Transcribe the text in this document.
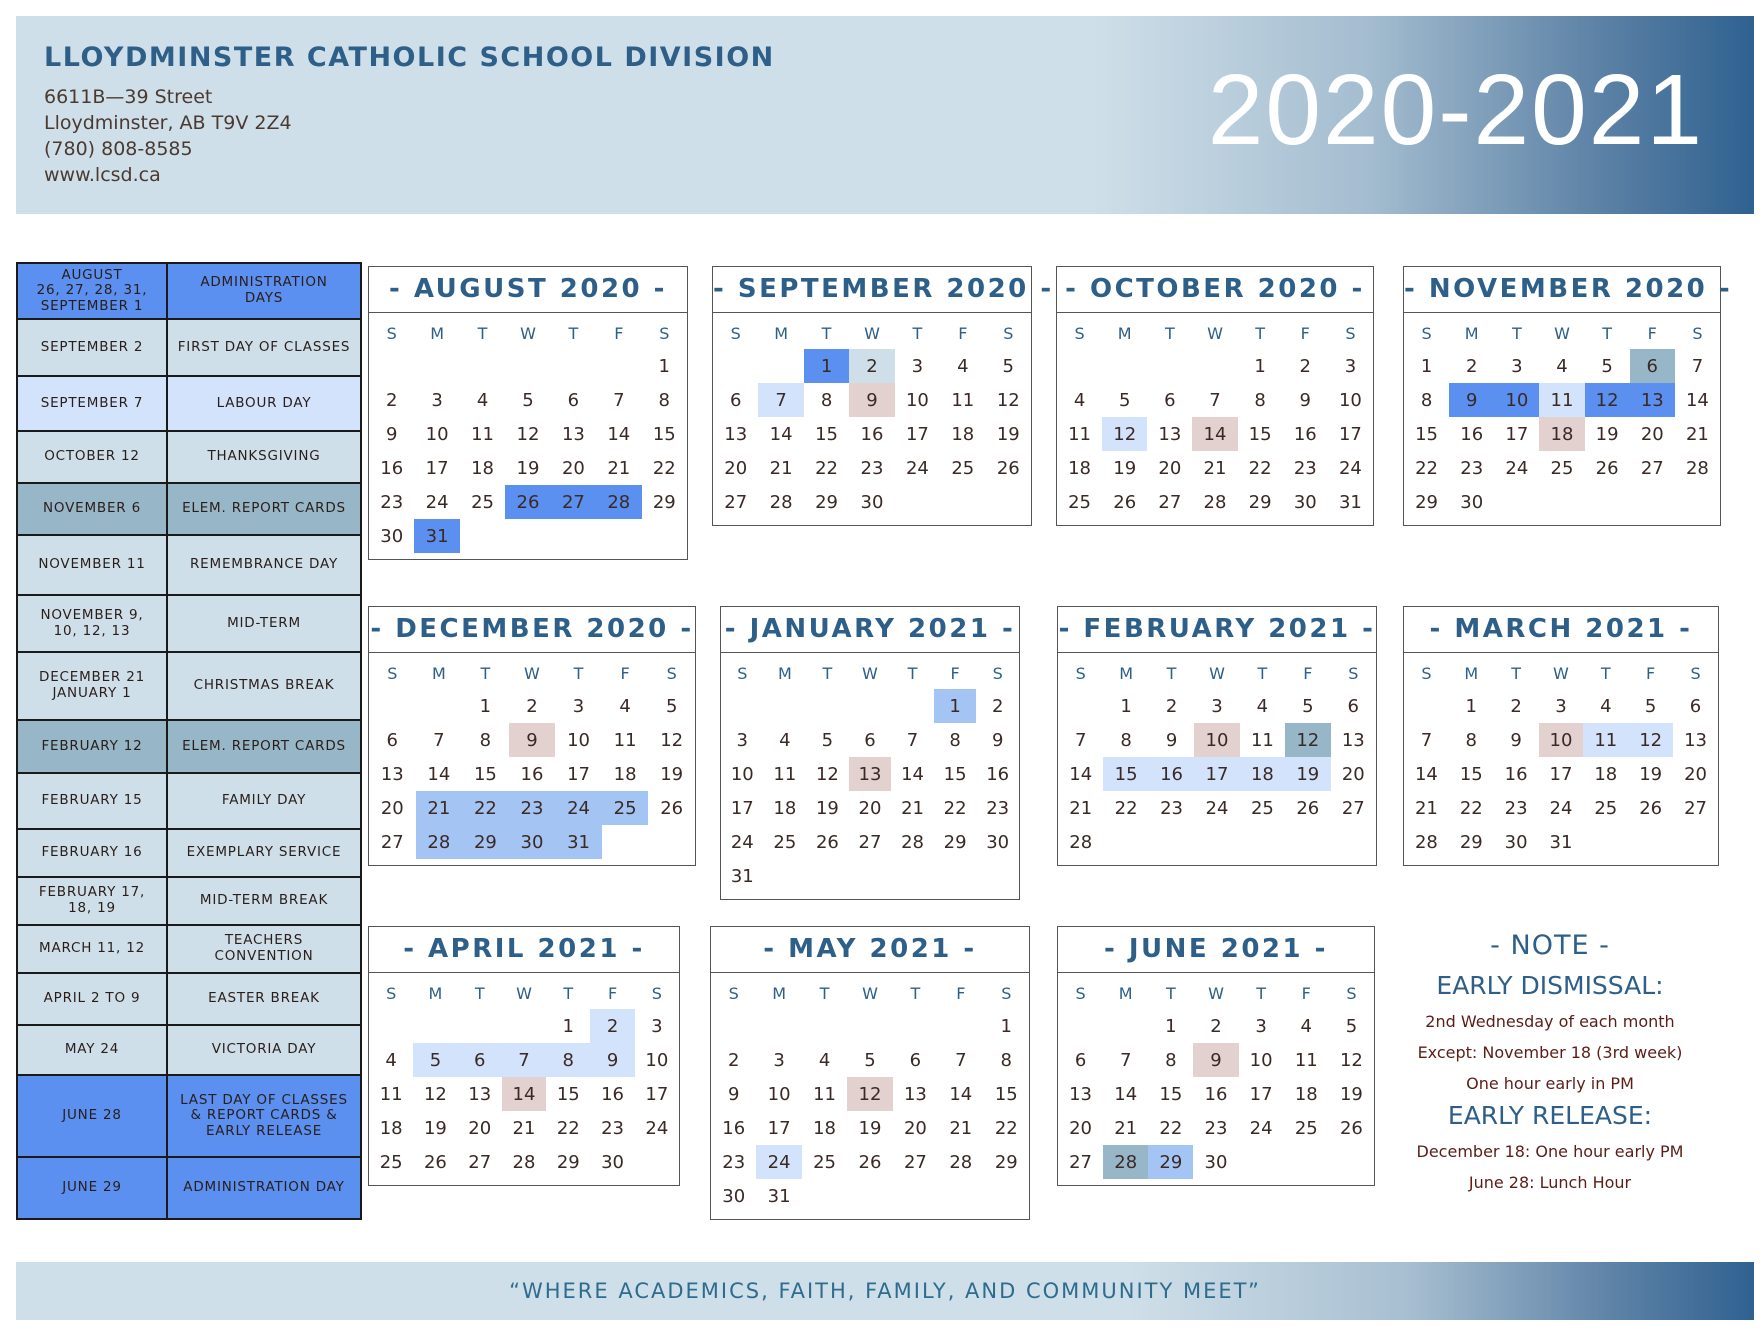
LLOYDMINSTER CATHOLIC SCHOOL DIVISION
6611B—39 Street
Lloydminster, AB T9V 2Z4
(780) 808-8585
www.lcsd.ca
2020-2021
AUGUST
26, 27, 28, 31,
SEPTEMBER 1	ADMINISTRATION
DAYS
SEPTEMBER 2	FIRST DAY OF CLASSES
SEPTEMBER 7	LABOUR DAY
OCTOBER 12	THANKSGIVING
NOVEMBER 6	ELEM. REPORT CARDS
NOVEMBER 11	REMEMBRANCE DAY
NOVEMBER 9,
10, 12, 13	MID-TERM
DECEMBER 21
JANUARY 1	CHRISTMAS BREAK
FEBRUARY 12	ELEM. REPORT CARDS
FEBRUARY 15	FAMILY DAY
FEBRUARY 16	EXEMPLARY SERVICE
FEBRUARY 17,
18, 19	MID-TERM BREAK
MARCH 11, 12	TEACHERS
CONVENTION
APRIL 2 TO 9	EASTER BREAK
MAY 24	VICTORIA DAY
JUNE 28	LAST DAY OF CLASSES
& REPORT CARDS &
EARLY RELEASE
JUNE 29	ADMINISTRATION DAY
- AUGUST 2020 -
S	M	T	W	T	F	S
						1
2	3	4	5	6	7	8
9	10	11	12	13	14	15
16	17	18	19	20	21	22
23	24	25	26	27	28	29
30	31					
- SEPTEMBER 2020 -
S	M	T	W	T	F	S
		1	2	3	4	5
6	7	8	9	10	11	12
13	14	15	16	17	18	19
20	21	22	23	24	25	26
27	28	29	30			
- OCTOBER 2020 -
S	M	T	W	T	F	S
				1	2	3
4	5	6	7	8	9	10
11	12	13	14	15	16	17
18	19	20	21	22	23	24
25	26	27	28	29	30	31
- NOVEMBER 2020 -
S	M	T	W	T	F	S
1	2	3	4	5	6	7
8	9	10	11	12	13	14
15	16	17	18	19	20	21
22	23	24	25	26	27	28
29	30					
- DECEMBER 2020 -
S	M	T	W	T	F	S
		1	2	3	4	5
6	7	8	9	10	11	12
13	14	15	16	17	18	19
20	21	22	23	24	25	26
27	28	29	30	31		
- JANUARY 2021 -
S	M	T	W	T	F	S
					1	2
3	4	5	6	7	8	9
10	11	12	13	14	15	16
17	18	19	20	21	22	23
24	25	26	27	28	29	30
31						
- FEBRUARY 2021 -
S	M	T	W	T	F	S
	1	2	3	4	5	6
7	8	9	10	11	12	13
14	15	16	17	18	19	20
21	22	23	24	25	26	27
28						
- MARCH 2021 -
S	M	T	W	T	F	S
	1	2	3	4	5	6
7	8	9	10	11	12	13
14	15	16	17	18	19	20
21	22	23	24	25	26	27
28	29	30	31			
- APRIL 2021 -
S	M	T	W	T	F	S
				1	2	3
4	5	6	7	8	9	10
11	12	13	14	15	16	17
18	19	20	21	22	23	24
25	26	27	28	29	30	
- MAY 2021 -
S	M	T	W	T	F	S
						1
2	3	4	5	6	7	8
9	10	11	12	13	14	15
16	17	18	19	20	21	22
23	24	25	26	27	28	29
30	31					
- JUNE 2021 -
S	M	T	W	T	F	S
		1	2	3	4	5
6	7	8	9	10	11	12
13	14	15	16	17	18	19
20	21	22	23	24	25	26
27	28	29	30			
- NOTE -
EARLY DISMISSAL:
2nd Wednesday of each month
Except: November 18 (3rd week)
One hour early in PM
EARLY RELEASE:
December 18: One hour early PM
June 28: Lunch Hour
“WHERE ACADEMICS, FAITH, FAMILY, AND COMMUNITY MEET”
